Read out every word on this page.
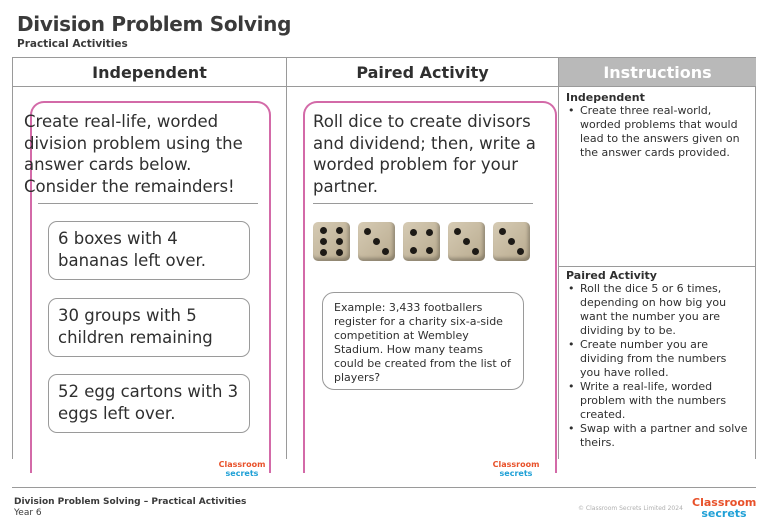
Division Problem Solving
Practical Activities
Independent	Paired Activity	Instructions
Create real-life, worded division problem using the answer cards below. Consider the remainders!
6 boxes with 4 bananas left over.
30 groups with 5 children remaining
52 egg cartons with 3 eggs left over.
Roll dice to create divisors and dividend; then, write a worded problem for your partner.
Example: 3,433 footballers register for a charity six-a-side competition at Wembley Stadium. How many teams could be created from the list of players?
Classroom
secrets
Classroom
secrets
Independent
• Create three real-world, worded problems that would lead to the answers given on the answer cards provided.
Paired Activity
• Roll the dice 5 or 6 times, depending on how big you want the number you are dividing by to be.
• Create number you are dividing from the numbers you have rolled.
• Write a real-life, worded problem with the numbers created.
• Swap with a partner and solve theirs.
Division Problem Solving – Practical Activities
Year 6	© Classroom Secrets Limited 2024 Classroom
secrets
